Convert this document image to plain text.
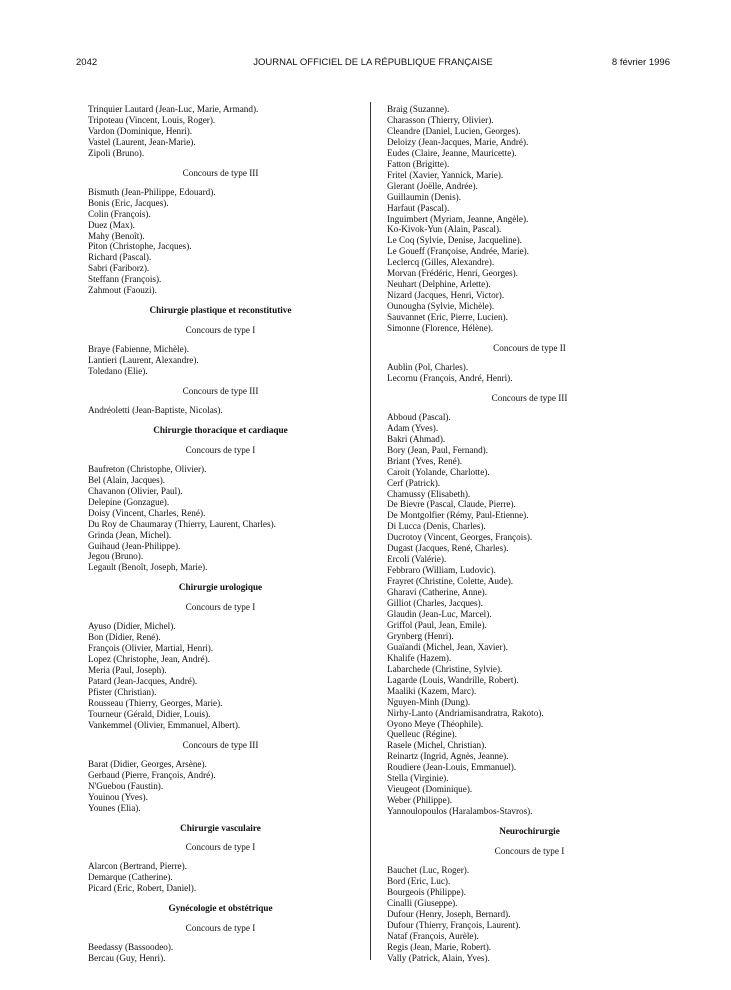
2042	JOURNAL OFFICIEL DE LA RÉPUBLIQUE FRANÇAISE	8 février 1996
Trinquier Lautard (Jean-Luc, Marie, Armand).
Tripoteau (Vincent, Louis, Roger).
Vardon (Dominique, Henri).
Vastel (Laurent, Jean-Marie).
Zipoli (Bruno).
Concours de type III
Bismuth (Jean-Philippe, Edouard).
Bonis (Eric, Jacques).
Colin (François).
Duez (Max).
Mahy (Benoît).
Piton (Christophe, Jacques).
Richard (Pascal).
Sabri (Fariborz).
Steffann (François).
Zahmout (Faouzi).
Chirurgie plastique et reconstitutive
Concours de type I
Braye (Fabienne, Michèle).
Lantieri (Laurent, Alexandre).
Toledano (Elie).
Concours de type III
Andréoletti (Jean-Baptiste, Nicolas).
Chirurgie thoracique et cardiaque
Concours de type I
Baufreton (Christophe, Olivier).
Bel (Alain, Jacques).
Chavanon (Olivier, Paul).
Delepine (Gonzague).
Doisy (Vincent, Charles, René).
Du Roy de Chaumaray (Thierry, Laurent, Charles).
Grinda (Jean, Michel).
Guihaud (Jean-Philippe).
Jegou (Bruno).
Legault (Benoît, Joseph, Marie).
Chirurgie urologique
Concours de type I
Ayuso (Didier, Michel).
Bon (Didier, René).
François (Olivier, Martial, Henri).
Lopez (Christophe, Jean, André).
Meria (Paul, Joseph).
Patard (Jean-Jacques, André).
Pfister (Christian).
Rousseau (Thierry, Georges, Marie).
Tourneur (Gérald, Didier, Louis).
Vankemmel (Olivier, Emmanuel, Albert).
Concours de type III
Barat (Didier, Georges, Arsène).
Gerbaud (Pierre, François, André).
N'Guebou (Faustin).
Youinou (Yves).
Younes (Elia).
Chirurgie vasculaire
Concours de type I
Alarcon (Bertrand, Pierre).
Demarque (Catherine).
Picard (Eric, Robert, Daniel).
Gynécologie et obstétrique
Concours de type I
Beedassy (Bassoodeo).
Bercau (Guy, Henri).
Braig (Suzanne).
Charasson (Thierry, Olivier).
Cleandre (Daniel, Lucien, Georges).
Deloizy (Jean-Jacques, Marie, André).
Eudes (Claire, Jeanne, Mauricette).
Fatton (Brigitte).
Fritel (Xavier, Yannick, Marie).
Glerant (Joëlle, Andrée).
Guillaumin (Denis).
Harfaut (Pascal).
Inguimbert (Myriam, Jeanne, Angèle).
Ko-Kivok-Yun (Alain, Pascal).
Le Coq (Sylvie, Denise, Jacqueline).
Le Goueff (Françoise, Andrée, Marie).
Leclercq (Gilles, Alexandre).
Morvan (Frédéric, Henri, Georges).
Neuhart (Delphine, Arlette).
Nizard (Jacques, Henri, Victor).
Ounougha (Sylvie, Michèle).
Sauvannet (Eric, Pierre, Lucien).
Simonne (Florence, Hélène).
Concours de type II
Aublin (Pol, Charles).
Lecornu (François, André, Henri).
Concours de type III
Abboud (Pascal).
Adam (Yves).
Bakri (Ahmad).
Bory (Jean, Paul, Fernand).
Briant (Yves, René).
Caroit (Yolande, Charlotte).
Cerf (Patrick).
Chamussy (Elisabeth).
De Bievre (Pascal, Claude, Pierre).
De Montgolfier (Rémy, Paul-Etienne).
Di Lucca (Denis, Charles).
Ducrotoy (Vincent, Georges, François).
Dugast (Jacques, René, Charles).
Ercoli (Valérie).
Febbraro (William, Ludovic).
Frayret (Christine, Colette, Aude).
Gharavi (Catherine, Anne).
Gilliot (Charles, Jacques).
Glaudin (Jean-Luc, Marcel).
Griffol (Paul, Jean, Emile).
Grynberg (Henri).
Guaïandi (Michel, Jean, Xavier).
Khalife (Hazem).
Labarchede (Christine, Sylvie).
Lagarde (Louis, Wandrille, Robert).
Maaliki (Kazem, Marc).
Nguyen-Minh (Dung).
Nirhy-Lanto (Andriamisandratra, Rakoto).
Oyono Meye (Théophile).
Quelleuc (Régine).
Rasele (Michel, Christian).
Reinartz (Ingrid, Agnès, Jeanne).
Roudiere (Jean-Louis, Emmanuel).
Stella (Virginie).
Vieugeot (Dominique).
Weber (Philippe).
Yannoulopoulos (Haralambos-Stavros).
Neurochirurgie
Concours de type I
Bauchet (Luc, Roger).
Bord (Eric, Luc).
Bourgeois (Philippe).
Cinalli (Giuseppe).
Dufour (Henry, Joseph, Bernard).
Dufour (Thierry, François, Laurent).
Nataf (François, Aurèle).
Regis (Jean, Marie, Robert).
Vally (Patrick, Alain, Yves).
